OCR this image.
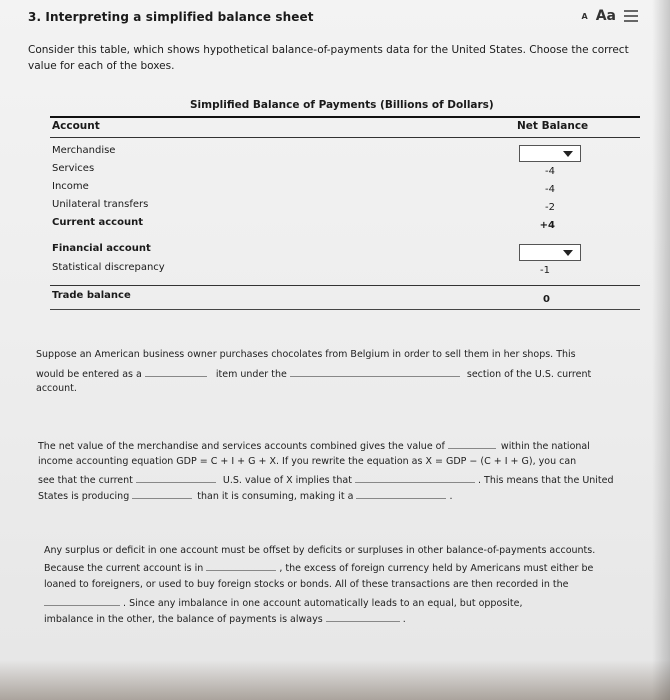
3. Interpreting a simplified balance sheet	A Aa
Consider this table, which shows hypothetical balance-of-payments data for the United States. Choose the correct value for each of the boxes.
Simplified Balance of Payments (Billions of Dollars)
Account	Net Balance
Merchandise
Services	-4
Income	-4
Unilateral transfers	-2
Current account	+4
Financial account
Statistical discrepancy	-1
Trade balance	0
Suppose an American business owner purchases chocolates from Belgium in order to sell them in her shops. This
would be entered as a	item under the	section of the U.S. current
account.
The net value of the merchandise and services accounts combined gives the value of	within the national
income accounting equation GDP = C + I + G + X. If you rewrite the equation as X = GDP − (C + I + G), you can
see that the current	U.S. value of X implies that	. This means that the United
States is producing	than it is consuming, making it a	.
Any surplus or deficit in one account must be offset by deficits or surpluses in other balance-of-payments accounts.
Because the current account is in	, the excess of foreign currency held by Americans must either be
loaned to foreigners, or used to buy foreign stocks or bonds. All of these transactions are then recorded in the
. Since any imbalance in one account automatically leads to an equal, but opposite,
imbalance in the other, the balance of payments is always	.
